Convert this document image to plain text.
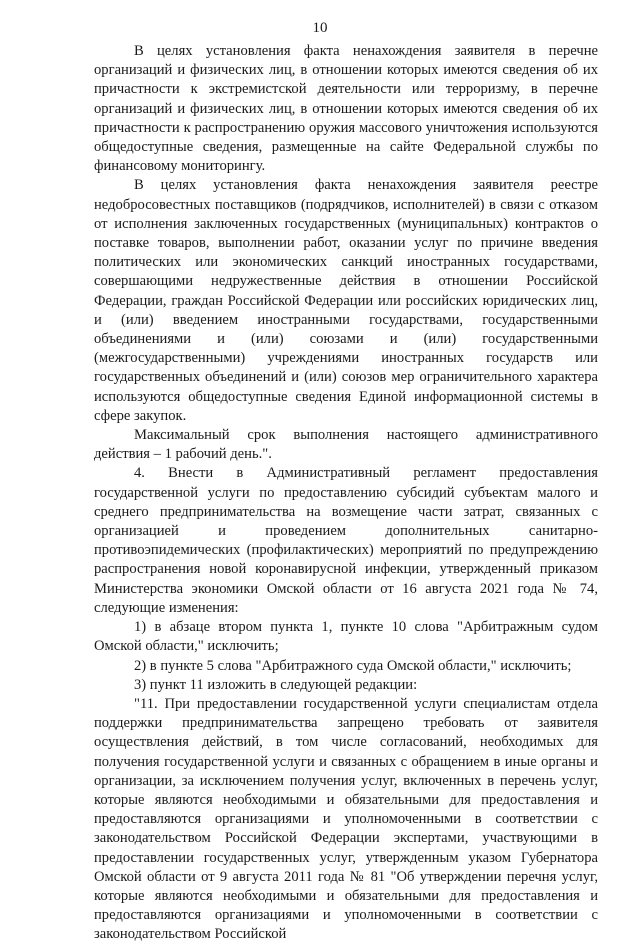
10

В целях установления факта ненахождения заявителя в перечне организаций и физических лиц, в отношении которых имеются сведения об их причастности к экстремистской деятельности или терроризму, в перечне организаций и физических лиц, в отношении которых имеются сведения об их причастности к распространению оружия массового уничтожения используются общедоступные сведения, размещенные на сайте Федеральной службы по финансовому мониторингу.

В целях установления факта ненахождения заявителя реестре недобросовестных поставщиков (подрядчиков, исполнителей) в связи с отказом от исполнения заключенных государственных (муниципальных) контрактов о поставке товаров, выполнении работ, оказании услуг по причине введения политических или экономических санкций иностранных государствами, совершающими недружественные действия в отношении Российской Федерации, граждан Российской Федерации или российских юридических лиц, и (или) введением иностранными государствами, государственными объединениями и (или) союзами и (или) государственными (межгосударственными) учреждениями иностранных государств или государственных объединений и (или) союзов мер ограничительного характера используются общедоступные сведения Единой информационной системы в сфере закупок.

Максимальный срок выполнения настоящего административного действия – 1 рабочий день.".

4. Внести в Административный регламент предоставления государственной услуги по предоставлению субсидий субъектам малого и среднего предпринимательства на возмещение части затрат, связанных с организацией и проведением дополнительных санитарно-противоэпидемических (профилактических) мероприятий по предупреждению распространения новой коронавирусной инфекции, утвержденный приказом Министерства экономики Омской области от 16 августа 2021 года № 74, следующие изменения:

1) в абзаце втором пункта 1, пункте 10 слова "Арбитражным судом Омской области," исключить;

2) в пункте 5 слова "Арбитражного суда Омской области," исключить;

3) пункт 11 изложить в следующей редакции:

"11. При предоставлении государственной услуги специалистам отдела поддержки предпринимательства запрещено требовать от заявителя осуществления действий, в том числе согласований, необходимых для получения государственной услуги и связанных с обращением в иные органы и организации, за исключением получения услуг, включенных в перечень услуг, которые являются необходимыми и обязательными для предоставления и предоставляются организациями и уполномоченными в соответствии с законодательством Российской Федерации экспертами, участвующими в предоставлении государственных услуг, утвержденным указом Губернатора Омской области от 9 августа 2011 года № 81 "Об утверждении перечня услуг, которые являются необходимыми и обязательными для предоставления и предоставляются организациями и уполномоченными в соответствии с законодательством Российской
